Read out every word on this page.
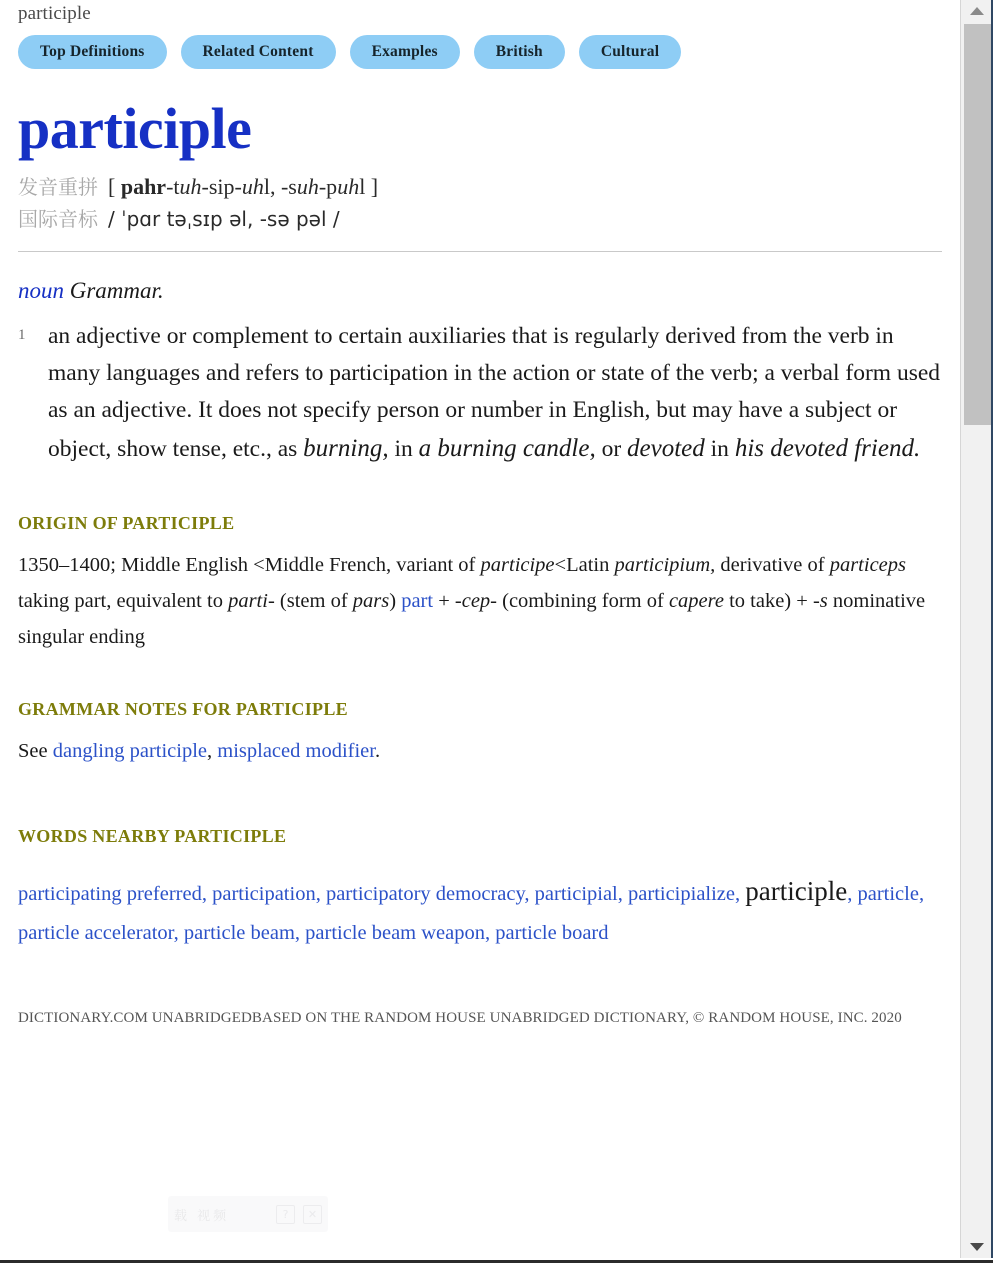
participle
Top Definitions	Related Content	Examples	British	Cultural
participle
发音重拼 [ pahr-tuh-sip-uhl, -suh-puhl ]
国际音标 / ˈpɑr təˌsɪp əl, -sə pəl /
noun Grammar.
1 an adjective or complement to certain auxiliaries that is regularly derived from the verb in many languages and refers to participation in the action or state of the verb; a verbal form used as an adjective. It does not specify person or number in English, but may have a subject or object, show tense, etc., as burning, in a burning candle, or devoted in his devoted friend.
ORIGIN OF PARTICIPLE
1350–1400; Middle English <Middle French, variant of participe<Latin participium, derivative of particeps taking part, equivalent to parti- (stem of pars) part + -cep- (combining form of capere to take) + -s nominative singular ending
GRAMMAR NOTES FOR PARTICIPLE
See dangling participle, misplaced modifier.
WORDS NEARBY PARTICIPLE
participating preferred, participation, participatory democracy, participial, participialize, participle, particle, particle accelerator, particle beam, particle beam weapon, particle board
DICTIONARY.COM UNABRIDGEDBASED ON THE RANDOM HOUSE UNABRIDGED DICTIONARY, © RANDOM HOUSE, INC. 2020
载 视频	?	✕
